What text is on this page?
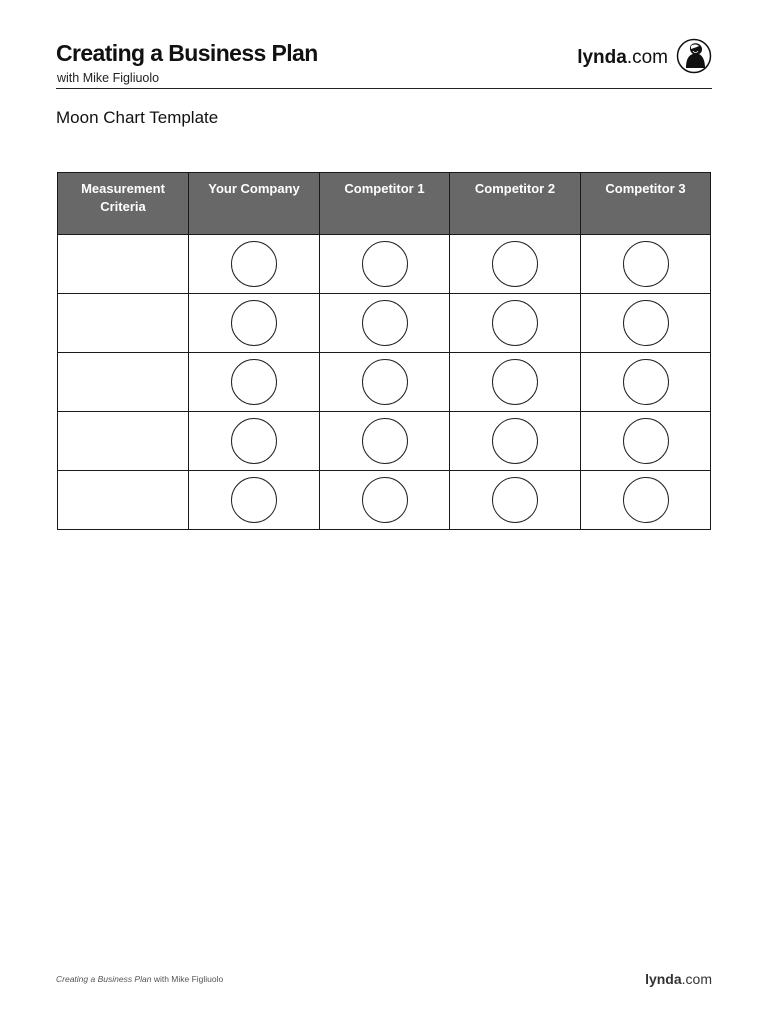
Creating a Business Plan
with Mike Figliuolo
lynda.com
Moon Chart Template
Measurement Criteria	Your Company	Competitor 1	Competitor 2	Competitor 3

Creating a Business Plan with Mike Figliuolo	lynda.com
